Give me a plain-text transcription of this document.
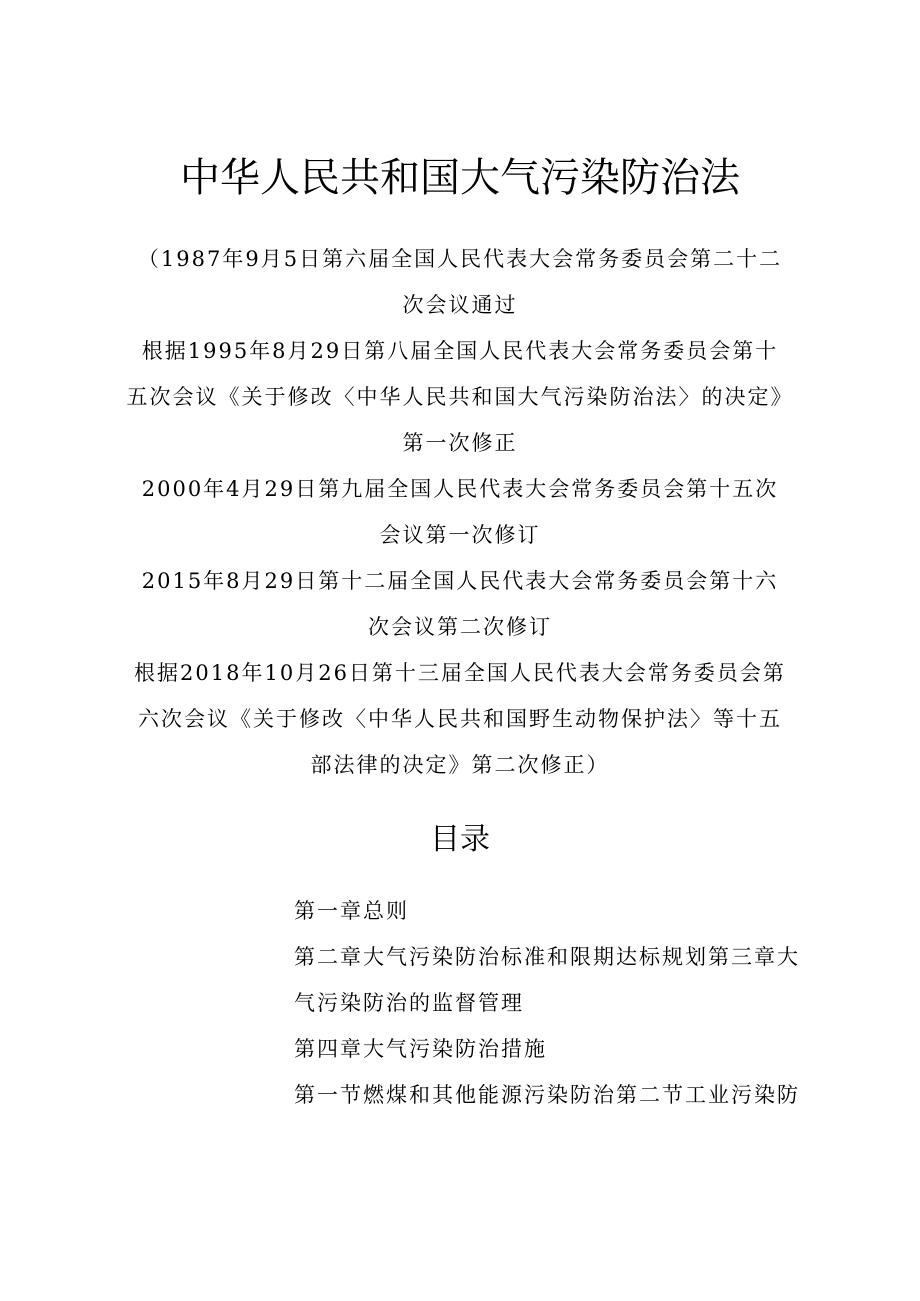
中华人民共和国大气污染防治法
（1987年9月5日第六届全国人民代表大会常务委员会第二十二
次会议通过
根据1995年8月29日第八届全国人民代表大会常务委员会第十
五次会议《关于修改〈中华人民共和国大气污染防治法〉的决定》
第一次修正
2000年4月29日第九届全国人民代表大会常务委员会第十五次
会议第一次修订
2015年8月29日第十二届全国人民代表大会常务委员会第十六
次会议第二次修订
根据2018年10月26日第十三届全国人民代表大会常务委员会第
六次会议《关于修改〈中华人民共和国野生动物保护法〉等十五
部法律的决定》第二次修正）
目录
第一章总则
第二章大气污染防治标准和限期达标规划第三章大
气污染防治的监督管理
第四章大气污染防治措施
第一节燃煤和其他能源污染防治第二节工业污染防
